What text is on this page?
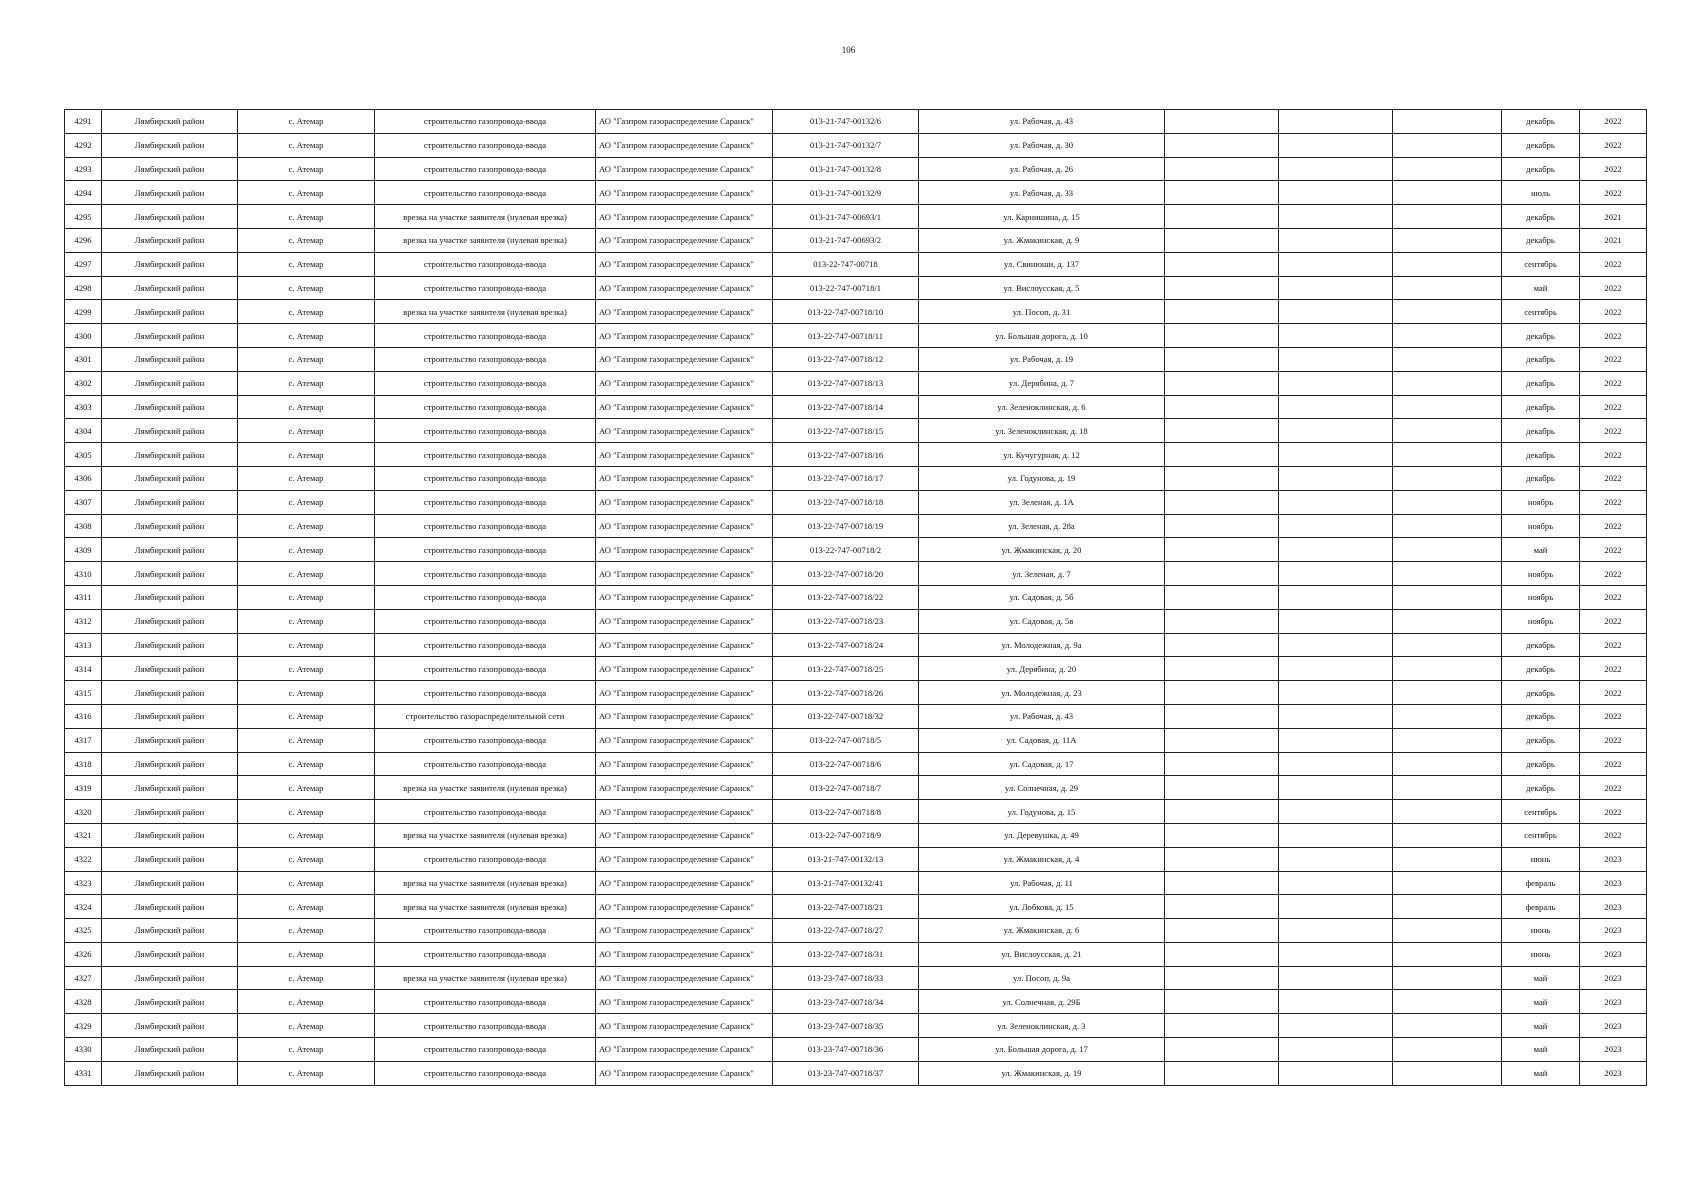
106
4291	Лямбирский район	с. Атемар	строительство газопровода-ввода	АО "Газпром газораспределение Саранск"	013-21-747-00132/6	ул. Рабочая, д. 43				декабрь	2022
4292	Лямбирский район	с. Атемар	строительство газопровода-ввода	АО "Газпром газораспределение Саранск"	013-21-747-00132/7	ул. Рабочая, д. 30				декабрь	2022
4293	Лямбирский район	с. Атемар	строительство газопровода-ввода	АО "Газпром газораспределение Саранск"	013-21-747-00132/8	ул. Рабочая, д. 26				декабрь	2022
4294	Лямбирский район	с. Атемар	строительство газопровода-ввода	АО "Газпром газораспределение Саранск"	013-21-747-00132/9	ул. Рабочая, д. 33				июль	2022
4295	Лямбирский район	с. Атемар	врезка на участке заявителя (нулевая врезка)	АО "Газпром газораспределение Саранск"	013-21-747-00693/1	ул. Карнишина, д. 15				декабрь	2021
4296	Лямбирский район	с. Атемар	врезка на участке заявителя (нулевая врезка)	АО "Газпром газораспределение Саранск"	013-21-747-00693/2	ул. Жмакинская, д. 9				декабрь	2021
4297	Лямбирский район	с. Атемар	строительство газопровода-ввода	АО "Газпром газораспределение Саранск"	013-22-747-00718	ул. Свинюши, д. 137				сентябрь	2022
4298	Лямбирский район	с. Атемар	строительство газопровода-ввода	АО "Газпром газораспределение Саранск"	013-22-747-00718/1	ул. Вислоусская, д. 5				май	2022
4299	Лямбирский район	с. Атемар	врезка на участке заявителя (нулевая врезка)	АО "Газпром газораспределение Саранск"	013-22-747-00718/10	ул. Посоп, д. 31				сентябрь	2022
4300	Лямбирский район	с. Атемар	строительство газопровода-ввода	АО "Газпром газораспределение Саранск"	013-22-747-00718/11	ул. Большая дорога, д. 10				декабрь	2022
4301	Лямбирский район	с. Атемар	строительство газопровода-ввода	АО "Газпром газораспределение Саранск"	013-22-747-00718/12	ул. Рабочая, д. 19				декабрь	2022
4302	Лямбирский район	с. Атемар	строительство газопровода-ввода	АО "Газпром газораспределение Саранск"	013-22-747-00718/13	ул. Дерябина, д. 7				декабрь	2022
4303	Лямбирский район	с. Атемар	строительство газопровода-ввода	АО "Газпром газораспределение Саранск"	013-22-747-00718/14	ул. Зеленоклинская, д. 6				декабрь	2022
4304	Лямбирский район	с. Атемар	строительство газопровода-ввода	АО "Газпром газораспределение Саранск"	013-22-747-00718/15	ул. Зеленоклинская, д. 18				декабрь	2022
4305	Лямбирский район	с. Атемар	строительство газопровода-ввода	АО "Газпром газораспределение Саранск"	013-22-747-00718/16	ул. Кучугурная, д. 12				декабрь	2022
4306	Лямбирский район	с. Атемар	строительство газопровода-ввода	АО "Газпром газораспределение Саранск"	013-22-747-00718/17	ул. Годунова, д. 19				декабрь	2022
4307	Лямбирский район	с. Атемар	строительство газопровода-ввода	АО "Газпром газораспределение Саранск"	013-22-747-00718/18	ул. Зеленая, д. 1А				ноябрь	2022
4308	Лямбирский район	с. Атемар	строительство газопровода-ввода	АО "Газпром газораспределение Саранск"	013-22-747-00718/19	ул. Зеленая, д. 28а				ноябрь	2022
4309	Лямбирский район	с. Атемар	строительство газопровода-ввода	АО "Газпром газораспределение Саранск"	013-22-747-00718/2	ул. Жмакинская, д. 20				май	2022
4310	Лямбирский район	с. Атемар	строительство газопровода-ввода	АО "Газпром газораспределение Саранск"	013-22-747-00718/20	ул. Зеленая, д. 7				ноябрь	2022
4311	Лямбирский район	с. Атемар	строительство газопровода-ввода	АО "Газпром газораспределение Саранск"	013-22-747-00718/22	ул. Садовая, д. 5б				ноябрь	2022
4312	Лямбирский район	с. Атемар	строительство газопровода-ввода	АО "Газпром газораспределение Саранск"	013-22-747-00718/23	ул. Садовая, д. 5в				ноябрь	2022
4313	Лямбирский район	с. Атемар	строительство газопровода-ввода	АО "Газпром газораспределение Саранск"	013-22-747-00718/24	ул. Молодежная, д. 9а				декабрь	2022
4314	Лямбирский район	с. Атемар	строительство газопровода-ввода	АО "Газпром газораспределение Саранск"	013-22-747-00718/25	ул. Дерябина, д. 20				декабрь	2022
4315	Лямбирский район	с. Атемар	строительство газопровода-ввода	АО "Газпром газораспределение Саранск"	013-22-747-00718/26	ул. Молодежная, д. 23				декабрь	2022
4316	Лямбирский район	с. Атемар	строительство газораспределительной сети	АО "Газпром газораспределение Саранск"	013-22-747-00718/32	ул. Рабочая, д. 43				декабрь	2022
4317	Лямбирский район	с. Атемар	строительство газопровода-ввода	АО "Газпром газораспределение Саранск"	013-22-747-00718/5	ул. Садовая, д. 11А				декабрь	2022
4318	Лямбирский район	с. Атемар	строительство газопровода-ввода	АО "Газпром газораспределение Саранск"	013-22-747-00718/6	ул. Садовая, д. 17				декабрь	2022
4319	Лямбирский район	с. Атемар	врезка на участке заявителя (нулевая врезка)	АО "Газпром газораспределение Саранск"	013-22-747-00718/7	ул. Солнечная, д. 29				декабрь	2022
4320	Лямбирский район	с. Атемар	строительство газопровода-ввода	АО "Газпром газораспределение Саранск"	013-22-747-00718/8	ул. Годунова, д. 15				сентябрь	2022
4321	Лямбирский район	с. Атемар	врезка на участке заявителя (нулевая врезка)	АО "Газпром газораспределение Саранск"	013-22-747-00718/9	ул. Деревушка, д. 49				сентябрь	2022
4322	Лямбирский район	с. Атемар	строительство газопровода-ввода	АО "Газпром газораспределение Саранск"	013-21-747-00132/13	ул. Жмакинская, д. 4				июнь	2023
4323	Лямбирский район	с. Атемар	врезка на участке заявителя (нулевая врезка)	АО "Газпром газораспределение Саранск"	013-21-747-00132/41	ул. Рабочая, д. 11				февраль	2023
4324	Лямбирский район	с. Атемар	врезка на участке заявителя (нулевая врезка)	АО "Газпром газораспределение Саранск"	013-22-747-00718/21	ул. Лобкова, д. 15				февраль	2023
4325	Лямбирский район	с. Атемар	строительство газопровода-ввода	АО "Газпром газораспределение Саранск"	013-22-747-00718/27	ул. Жмакинская, д. 6				июнь	2023
4326	Лямбирский район	с. Атемар	строительство газопровода-ввода	АО "Газпром газораспределение Саранск"	013-22-747-00718/31	ул. Вислоусская, д. 21				июнь	2023
4327	Лямбирский район	с. Атемар	врезка на участке заявителя (нулевая врезка)	АО "Газпром газораспределение Саранск"	013-23-747-00718/33	ул. Посоп, д. 9а				май	2023
4328	Лямбирский район	с. Атемар	строительство газопровода-ввода	АО "Газпром газораспределение Саранск"	013-23-747-00718/34	ул. Солнечная, д. 29Б				май	2023
4329	Лямбирский район	с. Атемар	строительство газопровода-ввода	АО "Газпром газораспределение Саранск"	013-23-747-00718/35	ул. Зеленоклинская, д. 3				май	2023
4330	Лямбирский район	с. Атемар	строительство газопровода-ввода	АО "Газпром газораспределение Саранск"	013-23-747-00718/36	ул. Большая дорога, д. 17				май	2023
4331	Лямбирский район	с. Атемар	строительство газопровода-ввода	АО "Газпром газораспределение Саранск"	013-23-747-00718/37	ул. Жмакинская, д. 19				май	2023
